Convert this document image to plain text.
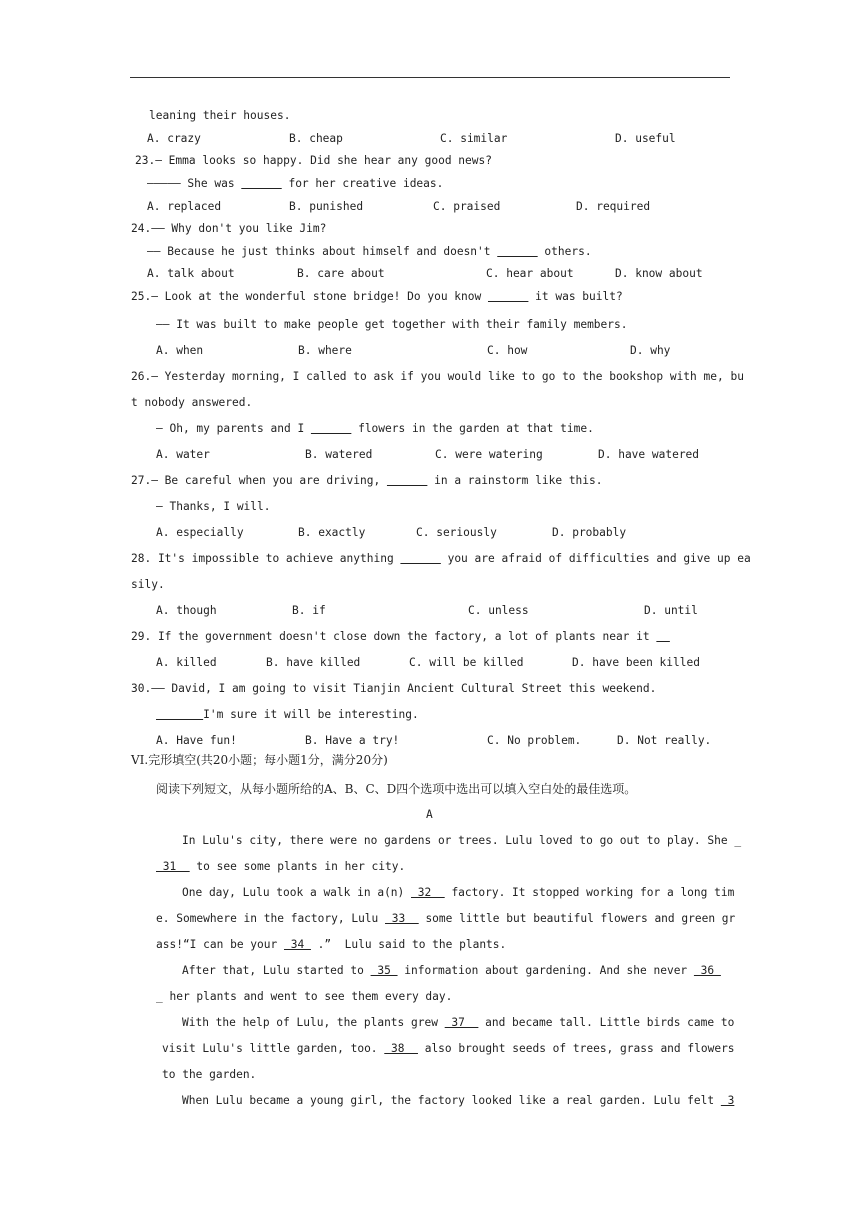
leaning their houses.
A. crazy	B. cheap	C. similar	D. useful
23.— Emma looks so happy. Did she hear any good news?
————— She was	for her creative ideas.
A. replaced	B. punished	C. praised	D. required
24.—— Why don't you like Jim?
—— Because he just thinks about himself and doesn't	others.
A. talk about	B. care about	C. hear about	D. know about
25.— Look at the wonderful stone bridge! Do you know	it was built?
—— It was built to make people get together with their family members.
A. when	B. where	C. how	D. why
26.— Yesterday morning, I called to ask if you would like to go to the bookshop with me, bu
t nobody answered.
— Oh, my parents and I	flowers in the garden at that time.
A. water	B. watered	C. were watering	D. have watered
27.— Be careful when you are driving,	in a rainstorm like this.
— Thanks, I will.
A. especially	B. exactly	C. seriously	D. probably
28. It's impossible to achieve anything	you are afraid of difficulties and give up ea
sily.
A. though	B. if	C. unless	D. until
29. If the government doesn't close down the factory, a lot of plants near it
A. killed	B. have killed	C. will be killed	D. have been killed
30.—— David, I am going to visit Tianjin Ancient Cultural Street this weekend.
I'm sure it will be interesting.
A. Have fun!	B. Have a try!	C. No problem.	D. Not really.
VI.完形填空(共20小题；每小题1分，满分20分)
阅读下列短文，从每小题所给的A、B、C、D四个选项中选出可以填入空白处的最佳选项。
A
In Lulu's city, there were no gardens or trees. Lulu loved to go out to play. She _
31   to see some plants in her city.
One day, Lulu took a walk in a(n)  32   factory. It stopped working for a long tim
e. Somewhere in the factory, Lulu  33   some little but beautiful flowers and green gr
ass!“I can be your  34  .”  Lulu said to the plants.
After that, Lulu started to  35  information about gardening. And she never  36
_ her plants and went to see them every day.
With the help of Lulu, the plants grew  37   and became tall. Little birds came to
visit Lulu's little garden, too.  38   also brought seeds of trees, grass and flowers
to the garden.
When Lulu became a young girl, the factory looked like a real garden. Lulu felt  3
